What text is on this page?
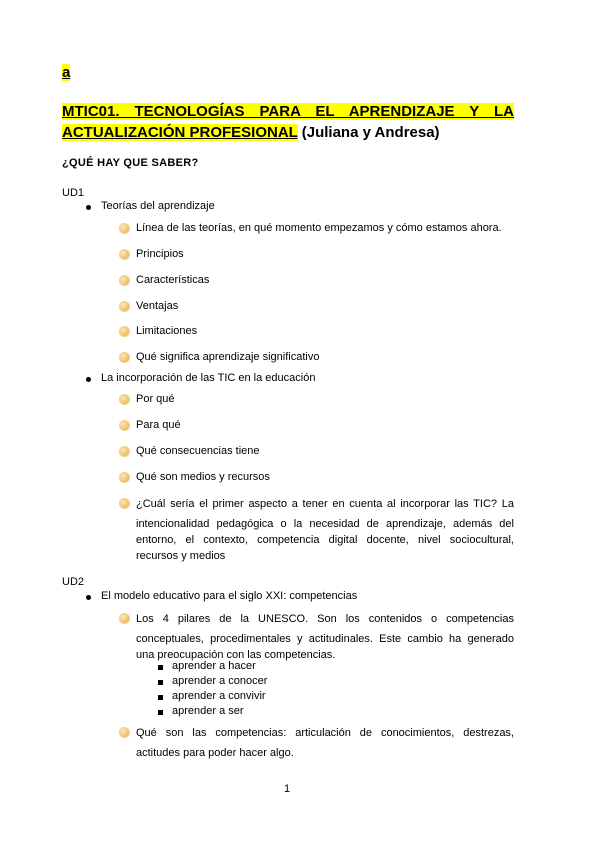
a
MTIC01. TECNOLOGÍAS PARA EL APRENDIZAJE Y LA
ACTUALIZACIÓN PROFESIONAL (Juliana y Andresa)
¿QUÉ HAY QUE SABER?
UD1
Teorías del aprendizaje
Línea de las teorías, en qué momento empezamos y cómo estamos ahora.
Principios
Características
Ventajas
Limitaciones
Qué significa aprendizaje significativo
La incorporación de las TIC en la educación
Por qué
Para qué
Qué consecuencias tiene
Qué son medios y recursos
¿Cuál sería el primer aspecto a tener en cuenta al incorporar las TIC? La
intencionalidad pedagógica o la necesidad de aprendizaje, además del
entorno, el contexto, competencia digital docente, nivel sociocultural,
recursos y medios
UD2
El modelo educativo para el siglo XXI: competencias
Los 4 pilares de la UNESCO. Son los contenidos o competencias
conceptuales, procedimentales y actitudinales. Este cambio ha generado
una preocupación con las competencias.
aprender a hacer
aprender a conocer
aprender a convivir
aprender a ser
Qué son las competencias: articulación de conocimientos, destrezas,
actitudes para poder hacer algo.
1
